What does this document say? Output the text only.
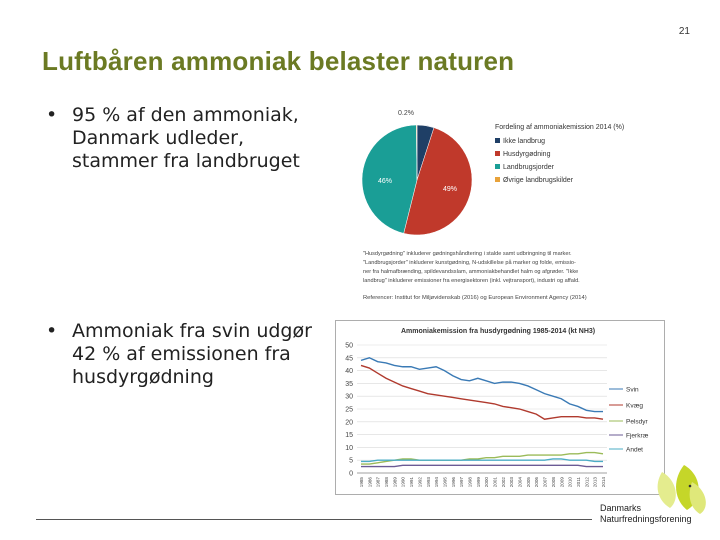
21
Luftbåren ammoniak belaster naturen
• 95 % af den ammoniak,
Danmark udleder,
stammer fra landbruget
• Ammoniak fra svin udgør
42 % af emissionen fra
husdyrgødning
49%
46%
0.2%
Fordeling af ammoniakemission 2014 (%)
Ikke landbrug
Husdyrgødning
Landbrugsjorder
Øvrige landbrugskilder
"Husdyrgødning" inkluderer gødningshåndtering i stalde samt udbringning til marker.
"Landbrugsjorder" inkluderer kunstgødning, N-udskillelse på marker og folde, emissio-
ner fra halmafbrænding, spildevandsslam, ammoniakbehandlet halm og afgrøder. "Ikke
landbrug" inkluderer emissioner fra energisektoren (inkl. vejtransport), industri og affald.
Referencer: Institut for Miljøvidenskab (2016) og European Environment Agency (2014)
Ammoniakemission fra husdyrgødning 1985-2014 (kt NH3)
0
5
10
15
20
25
30
35
40
45
50
1985 1986 1987 1988 1989 1990 1991 1992 1993 1994 1995 1996 1997 1998 1999 2000 2001 2002 2003 2004 2005 2006 2007 2008 2009 2010 2011 2012 2013 2014
Svin
Kvæg
Pelsdyr
Fjerkræ
Andet
Danmarks
Naturfredningsforening
